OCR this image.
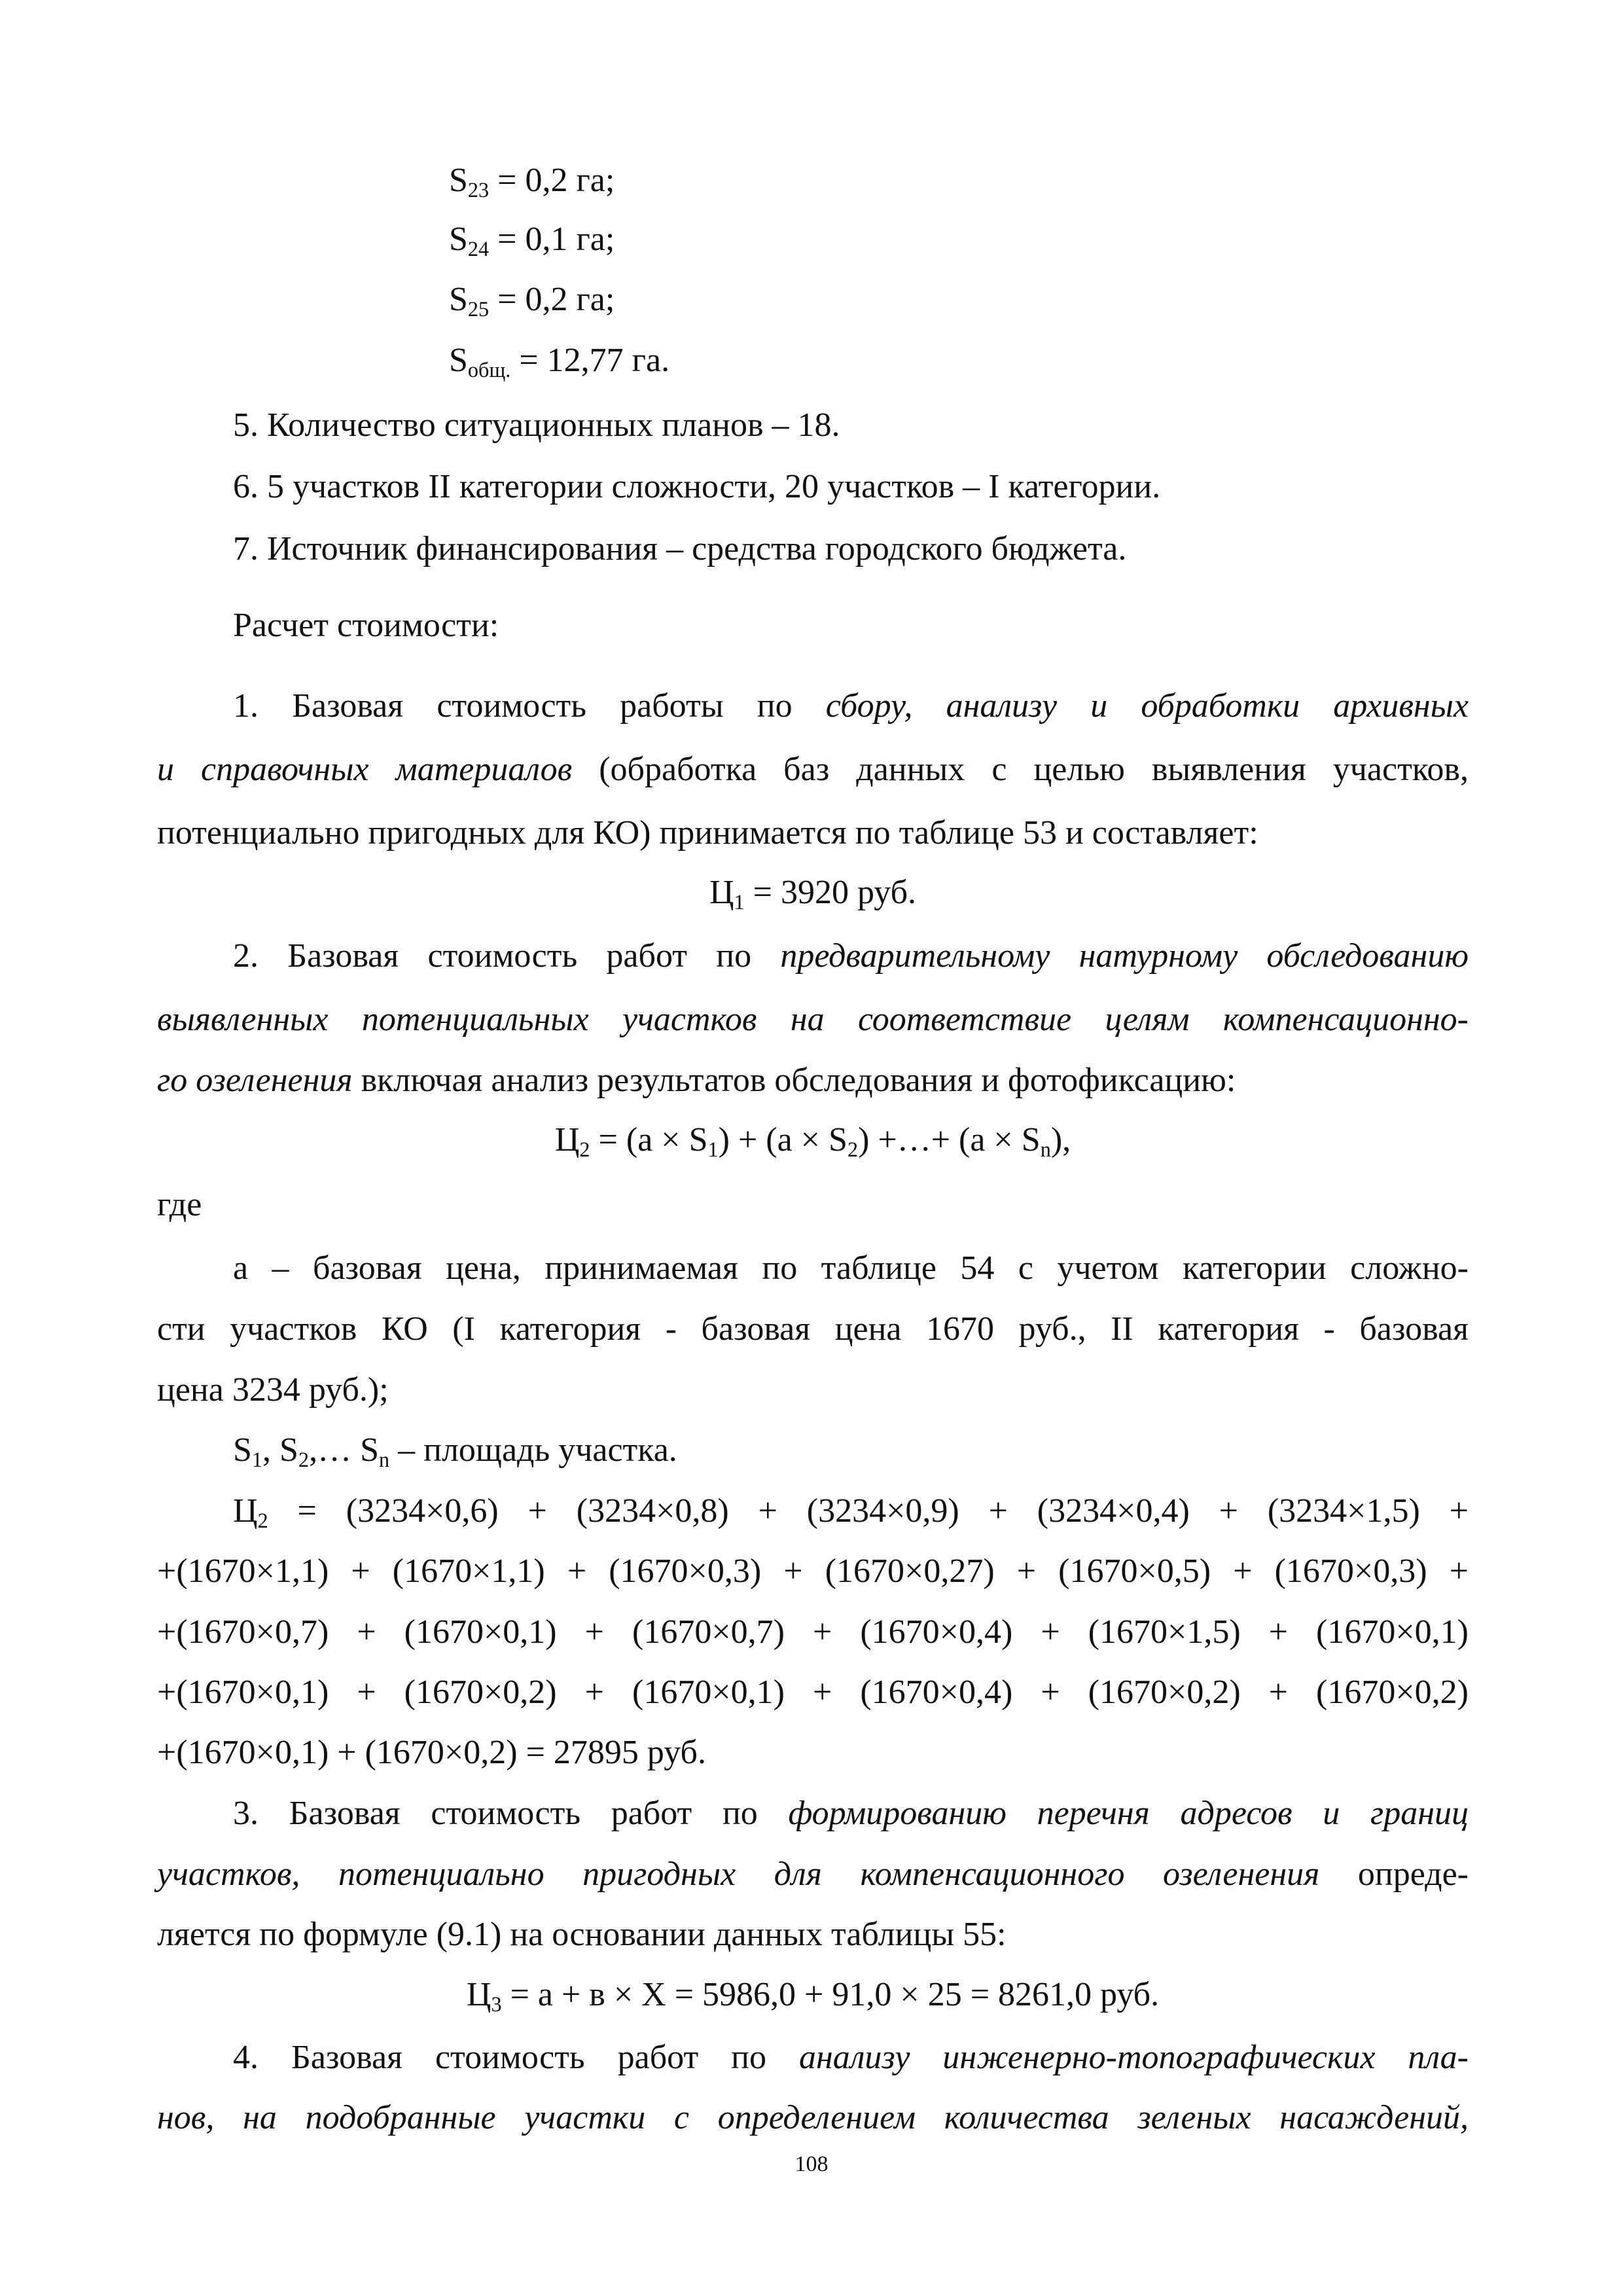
$S_{23} = 0,2$ га;
$S_{24} = 0,1$ га;
$S_{25} = 0,2$ га;
$S_{общ.} = 12,77$ га.
5. Количество ситуационных планов – 18.
6. 5 участков II категории сложности, 20 участков – I категории.
7. Источник финансирования – средства городского бюджета.
Расчет стоимости:
1. Базовая стоимость работы по сбору, анализу и обработки архивных
и справочных материалов (обработка баз данных с целью выявления участков,
потенциально пригодных для КО) принимается по таблице 53 и составляет:
$Ц_1 = 3920$ руб.
2. Базовая стоимость работ по предварительному натурному обследованию
выявленных потенциальных участков на соответствие целям компенсационно-
го озеленения включая анализ результатов обследования и фотофиксацию:
$Ц_2 = (a \times S_1) + (a \times S_2)$ +…+ $(a \times S_n)$,
где
а – базовая цена, принимаемая по таблице 54 с учетом категории сложно-
сти участков КО (I категория - базовая цена 1670 руб., II категория - базовая
цена 3234 руб.);
$S_1$, $S_2,\dots$ $S_n$ – площадь участка.
$Ц_2 = (3234\times 0,6) + (3234\times 0,8) + (3234\times 0,9) + (3234\times 0,4) + (3234\times 1,5)$ +
+(1670×1,1) + (1670×1,1) + (1670×0,3) + (1670×0,27) + (1670×0,5) + (1670×0,3) +
+(1670×0,7) + (1670×0,1) + (1670×0,7) + (1670×0,4) + (1670×1,5) + (1670×0,1)
+(1670×0,1) + (1670×0,2) + (1670×0,1) + (1670×0,4) + (1670×0,2) + (1670×0,2)
+(1670×0,1) + (1670×0,2) = 27895 руб.
3. Базовая стоимость работ по формированию перечня адресов и границ
участков, потенциально пригодных для компенсационного озеленения опреде-
ляется по формуле (9.1) на основании данных таблицы 55:
$Ц_3 = а + в \times Х = 5986,0 + 91,0 \times 25 = 8261,0$ руб.
4. Базовая стоимость работ по анализу инженерно-топографических пла-
нов, на подобранные участки с определением количества зеленых насаждений,
108
